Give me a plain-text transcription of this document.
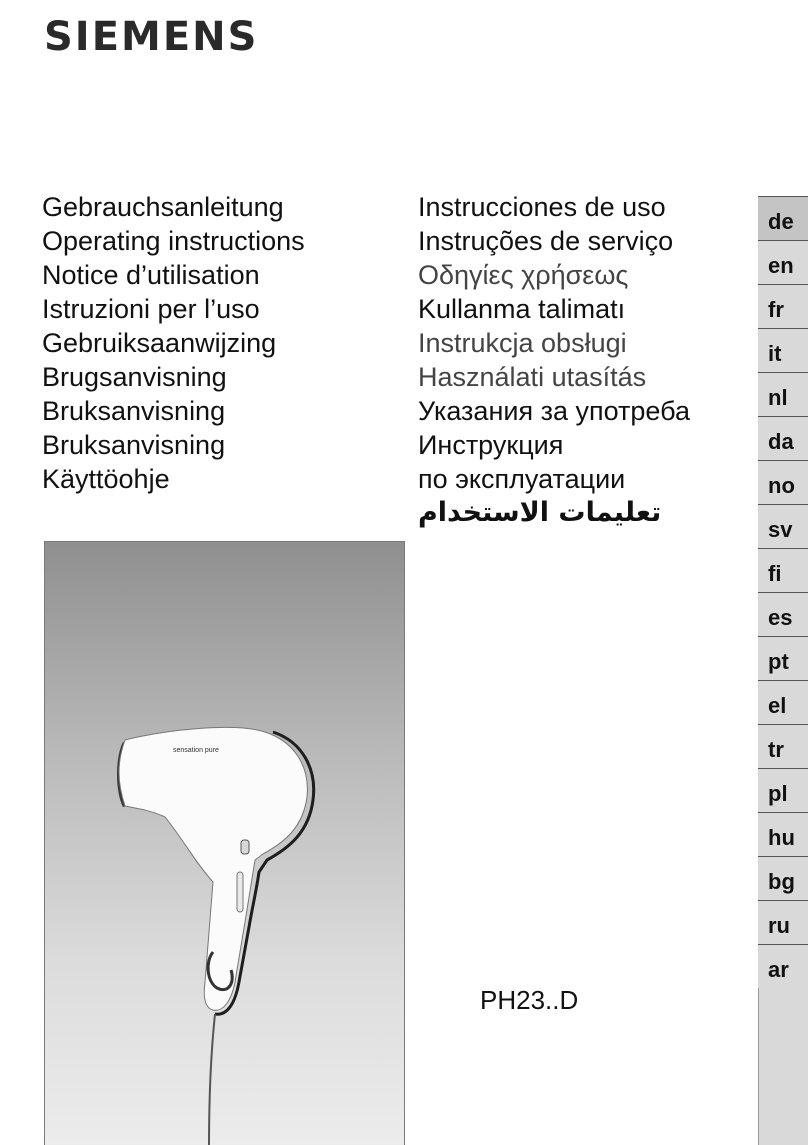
SIEMENS
Gebrauchsanleitung
Operating instructions
Notice d’utilisation
Istruzioni per l’uso
Gebruiksaanwijzing
Brugsanvisning
Bruksanvisning
Bruksanvisning
Käyttöohje
Instrucciones de uso
Instruções de serviço
Οδηγίες χρήσεως
Kullanma talimatı
Instrukcja obsługi
Használati utasítás
Указания за употреба
Инструкция
по эксплуатации
تعليمات الاستخدام
sensation pure
PH23..D
de
en
fr
it
nl
da
no
sv
fi
es
pt
el
tr
pl
hu
bg
ru
ar
